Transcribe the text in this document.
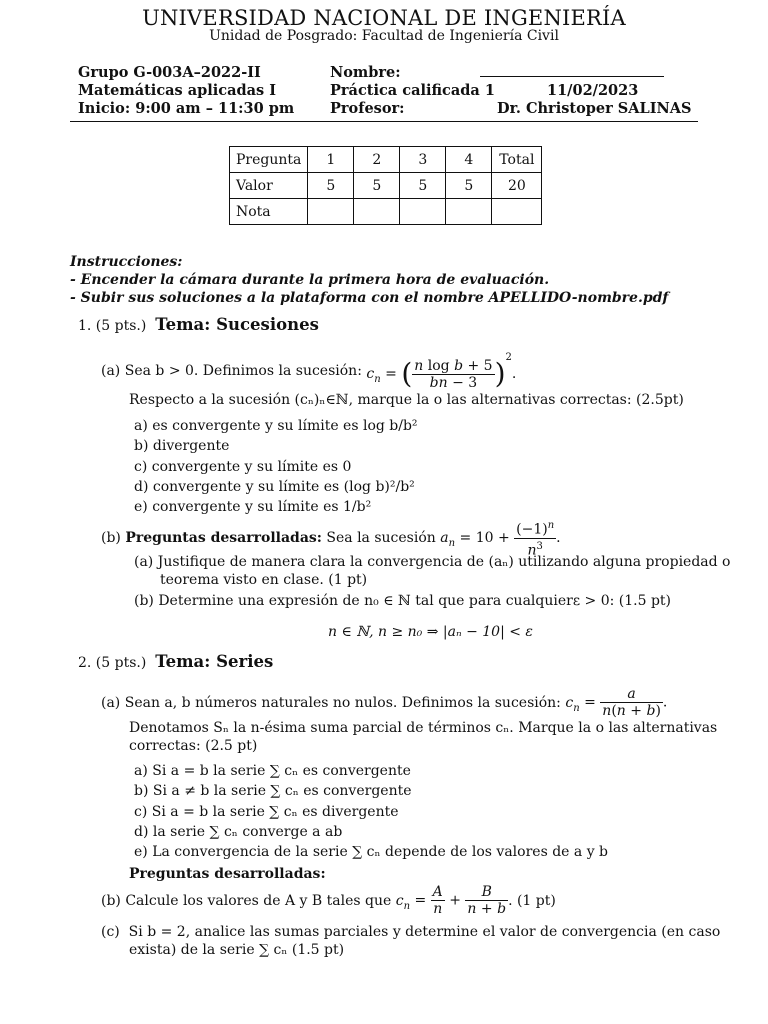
UNIVERSIDAD NACIONAL DE INGENIERÍA
Unidad de Posgrado: Facultad de Ingeniería Civil
Grupo G-003A–2022-II
Matemáticas aplicadas I
Inicio: 9:00 am – 11:30 pm
Nombre:
Práctica calificada 1	11/02/2023
Profesor:	Dr. Christoper SALINAS
Pregunta	1	2	3	4	Total
Valor	5	5	5	5	20
Nota					
Instrucciones:
- Encender la cámara durante la primera hora de evaluación.
- Subir sus soluciones a la plataforma con el nombre APELLIDO-nombre.pdf
1. (5 pts.) Tema: Sucesiones
(a)
Sea b > 0. Definimos la sucesión:
$c_n$ = ( $\frac{\text{n log b + 5}}{bn - 3} )^2$.
Respecto a la sucesión (cₙ)ₙ∈ℕ, marque la o las alternativas correctas: (2.5pt)
a) es convergente y su límite es log b/b²
b) divergente
c) convergente y su límite es 0
d) convergente y su límite es (log b)²/b²
e) convergente y su límite es 1/b²
(b)
Preguntas desarrolladas:
Sea la sucesión
$a_n = 10 + \frac{(-1)^n}{n^3}$ .
(a) Justifique de manera clara la convergencia de (aₙ) utilizando alguna propiedad o
teorema visto en clase. (1 pt)
(b) Determine una expresión de n₀ ∈ ℕ tal que para cualquierε > 0: (1.5 pt)
n ∈ ℕ, n ≥ n₀ ⇒ |aₙ − 10| < ε
2. (5 pts.) Tema: Series
(a)
Sean a, b números naturales no nulos. Definimos la sucesión:
$c_n = \frac{a}{n(n + b)}$ .
Denotamos Sₙ la n-ésima suma parcial de términos cₙ. Marque la o las alternativas
correctas: (2.5 pt)
a) Si a = b la serie ∑ cₙ es convergente
b) Si a ≠ b la serie ∑ cₙ es convergente
c) Si a = b la serie ∑ cₙ es divergente
d) la serie ∑ cₙ converge a ab
e) La convergencia de la serie ∑ cₙ depende de los valores de a y b
Preguntas desarrolladas:
(b)
Calcule los valores de A y B tales que
$c_n = \frac{A}{n} + \frac{B}{n + b}$ . (1 pt)
(c) Si b = 2, analice las sumas parciales y determine el valor de convergencia (en caso
exista) de la serie ∑ cₙ (1.5 pt)
